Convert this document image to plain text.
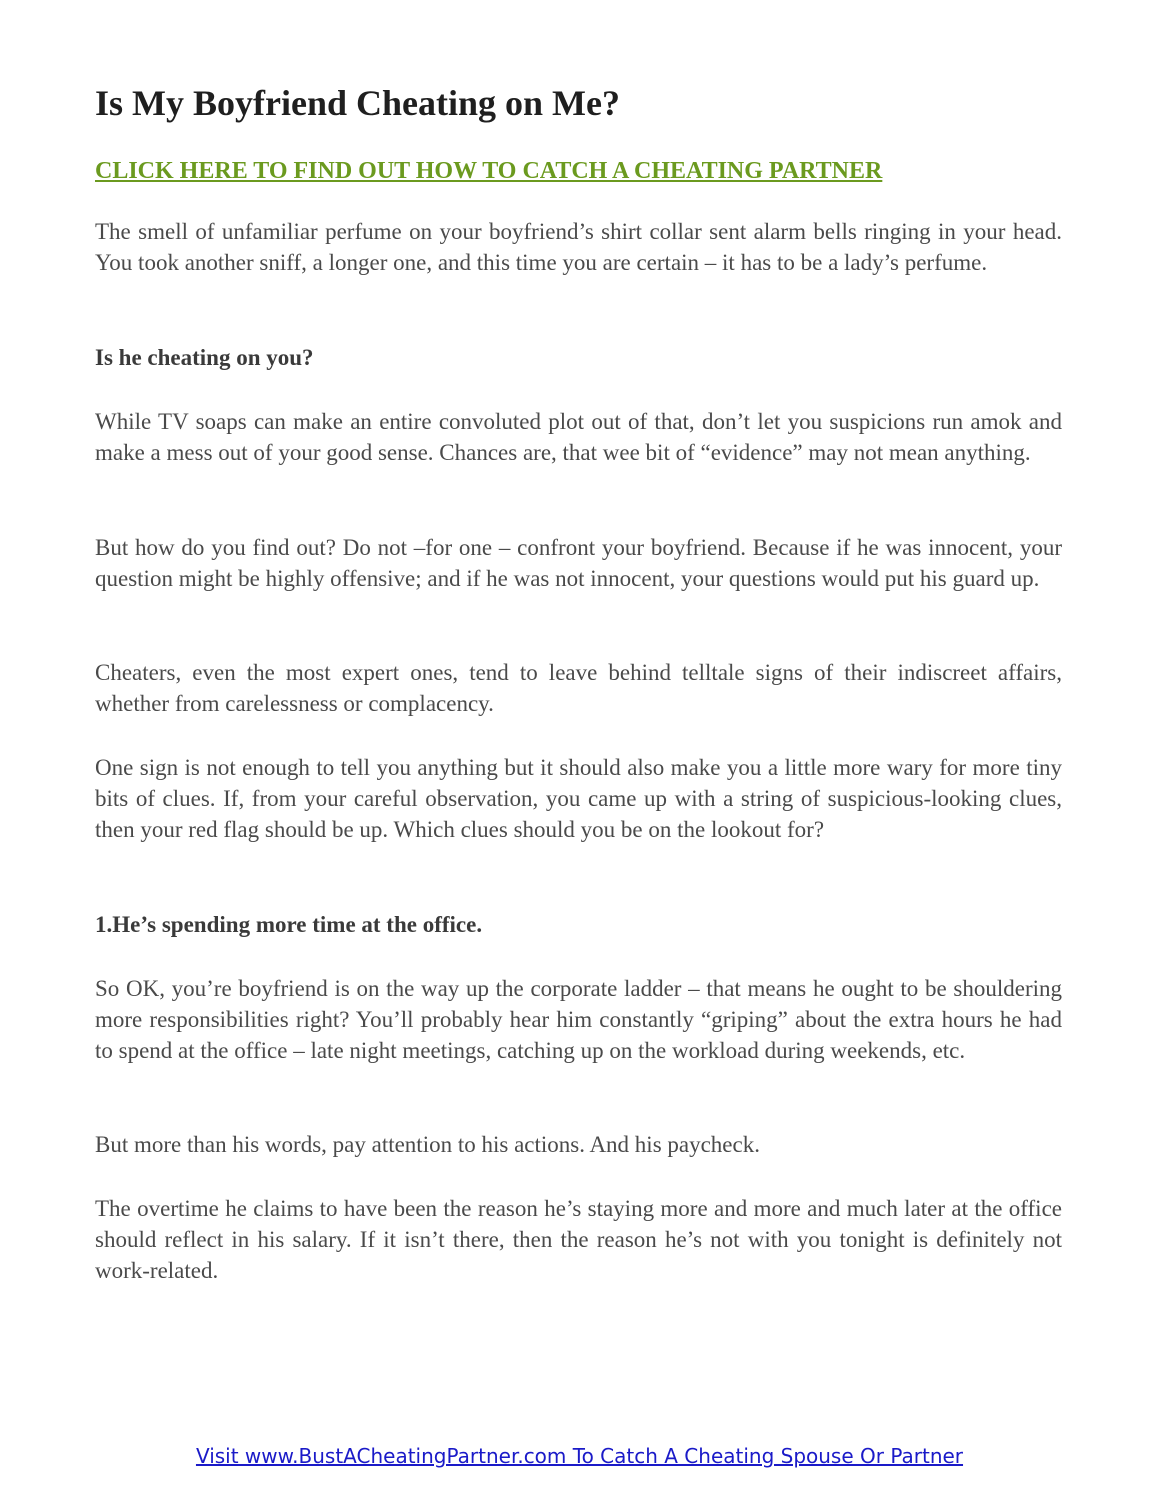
Is My Boyfriend Cheating on Me?
CLICK HERE TO FIND OUT HOW TO CATCH A CHEATING PARTNER

The smell of unfamiliar perfume on your boyfriend’s shirt collar sent alarm bells ringing in your head. You took another sniff, a longer one, and this time you are certain – it has to be a lady’s perfume.

Is he cheating on you?

While TV soaps can make an entire convoluted plot out of that, don’t let you suspicions run amok and make a mess out of your good sense. Chances are, that wee bit of “evidence” may not mean anything.

But how do you find out? Do not –for one – confront your boyfriend. Because if he was innocent, your question might be highly offensive; and if he was not innocent, your questions would put his guard up.

Cheaters, even the most expert ones, tend to leave behind telltale signs of their indiscreet affairs, whether from carelessness or complacency.

One sign is not enough to tell you anything but it should also make you a little more wary for more tiny bits of clues. If, from your careful observation, you came up with a string of suspicious-looking clues, then your red flag should be up. Which clues should you be on the lookout for?

1.He’s spending more time at the office.

So OK, you’re boyfriend is on the way up the corporate ladder – that means he ought to be shouldering more responsibilities right? You’ll probably hear him constantly “griping” about the extra hours he had to spend at the office – late night meetings, catching up on the workload during weekends, etc.

But more than his words, pay attention to his actions. And his paycheck.

The overtime he claims to have been the reason he’s staying more and more and much later at the office should reflect in his salary. If it isn’t there, then the reason he’s not with you tonight is definitely not work-related.

Visit www.BustACheatingPartner.com To Catch A Cheating Spouse Or Partner
